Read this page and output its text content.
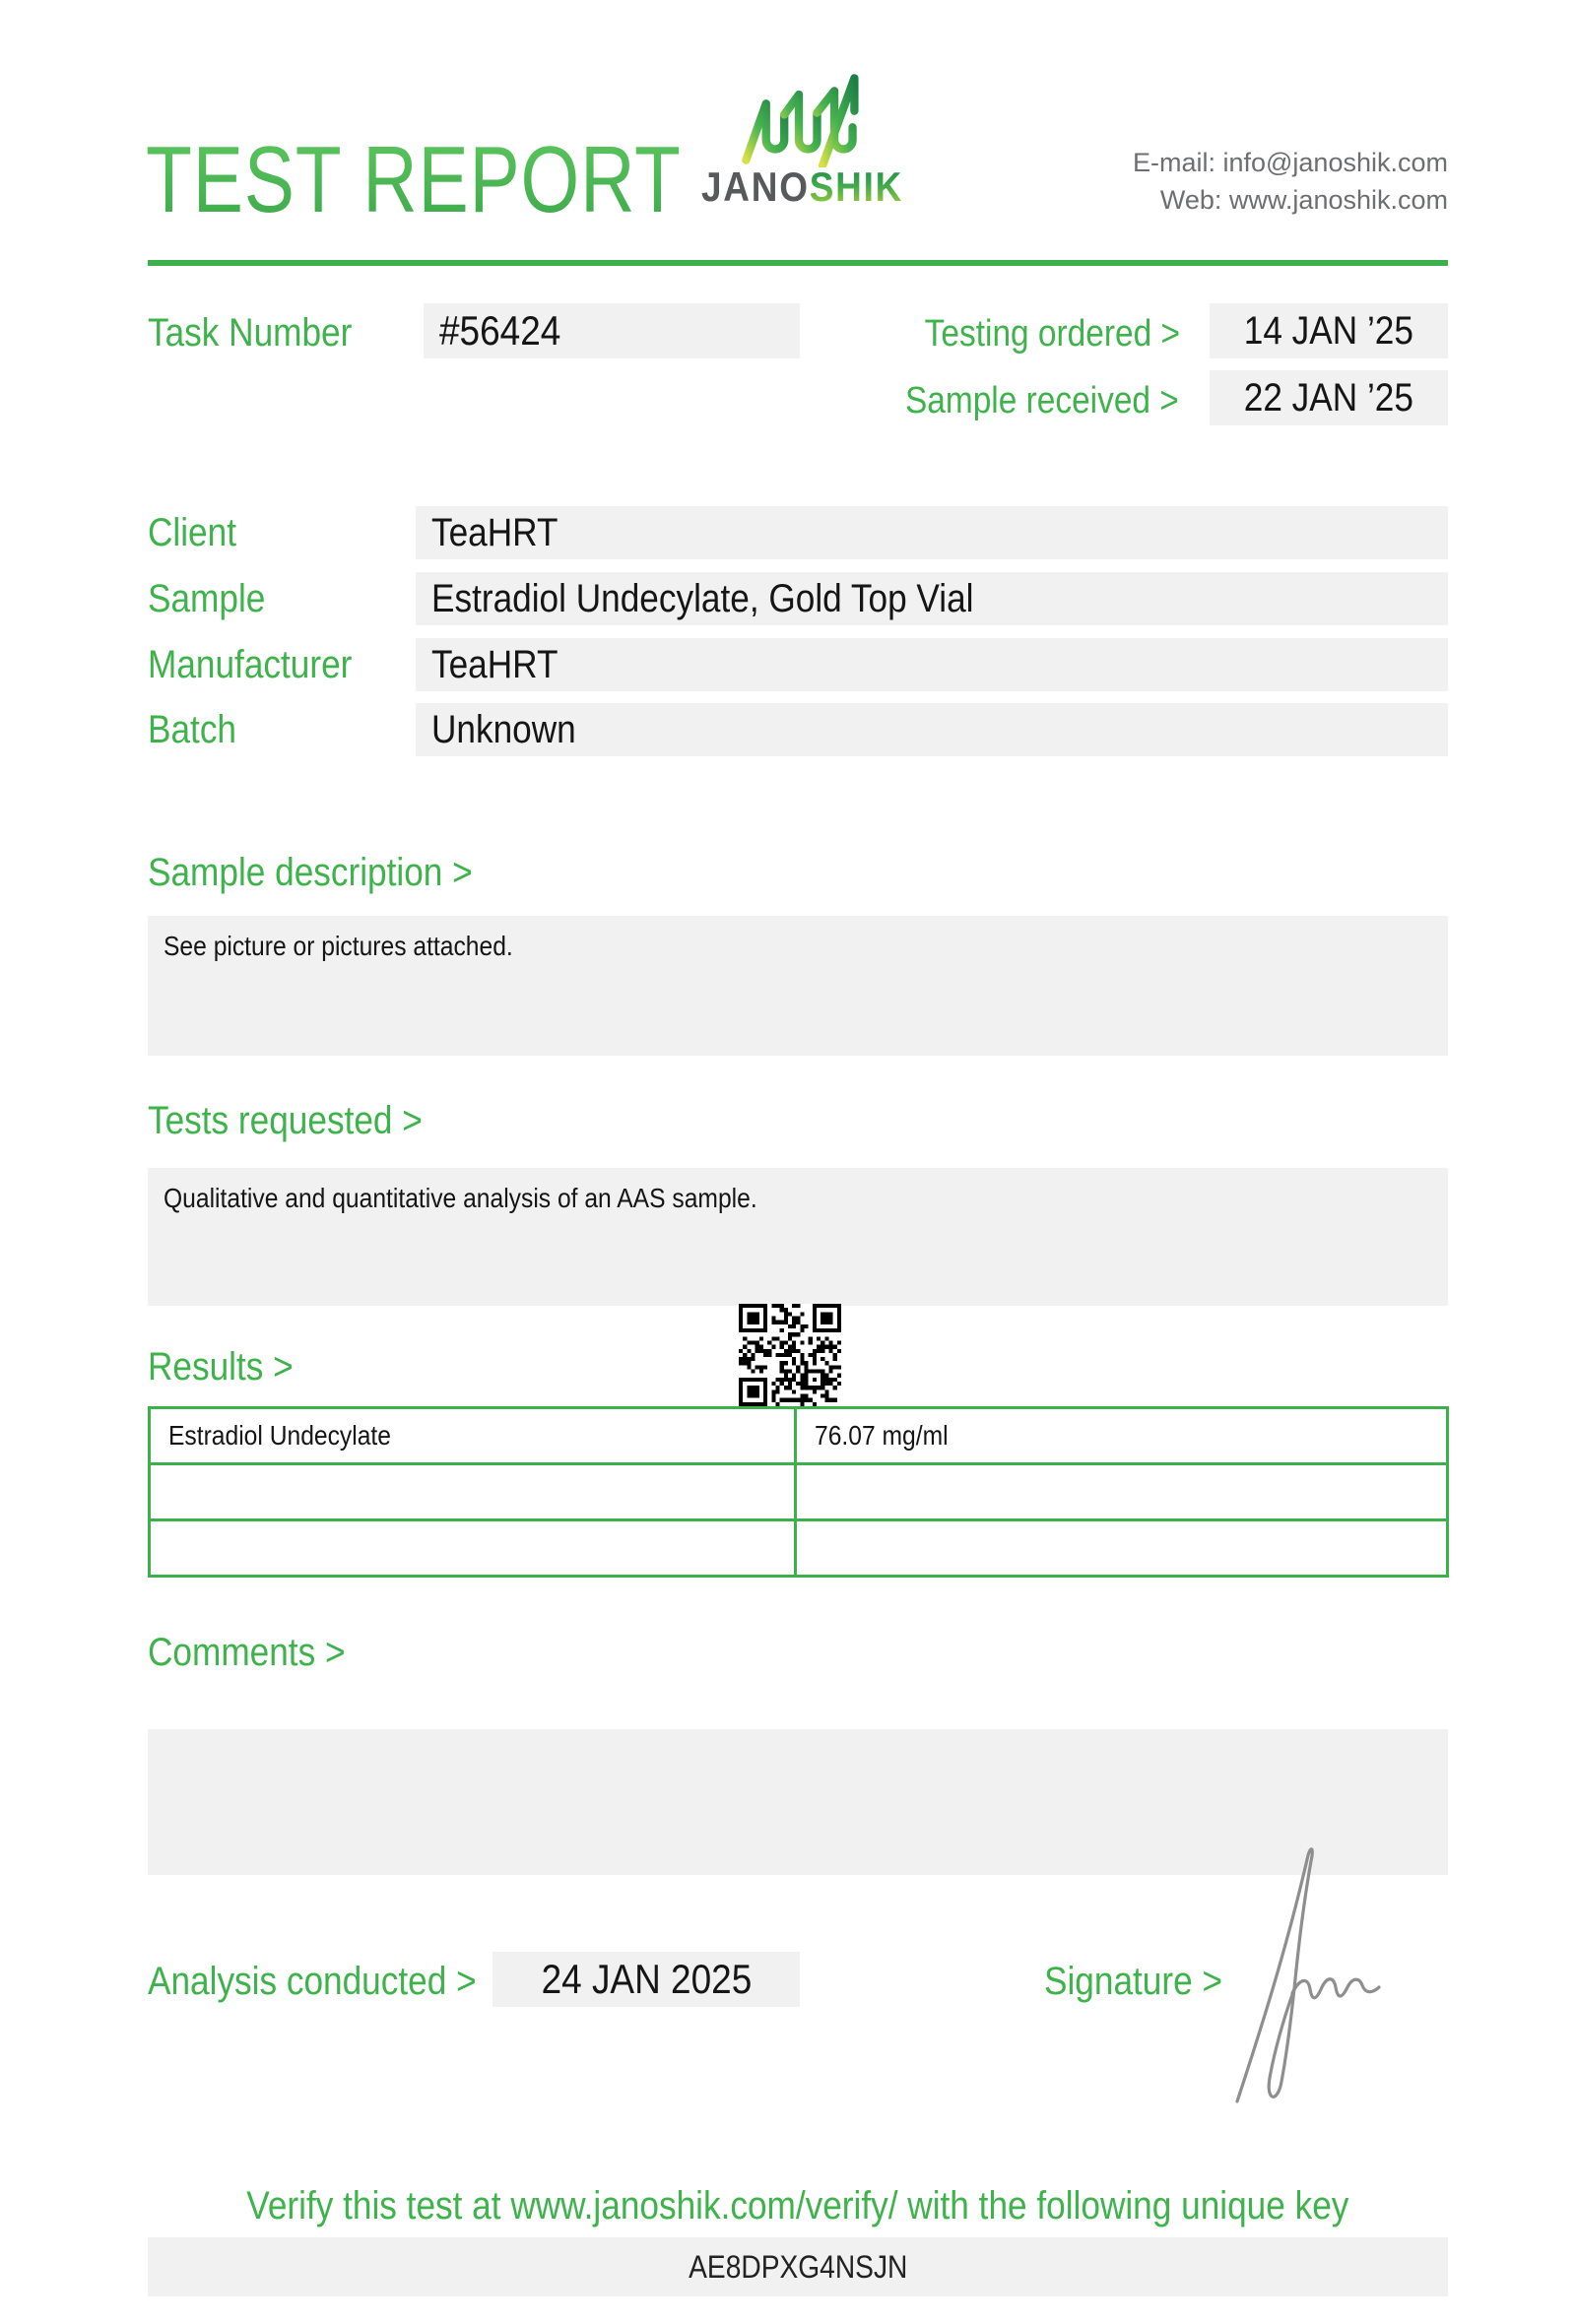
TEST REPORT JANOSHIK
E-mail: info@janoshik.com
Web: www.janoshik.com
Task Number	#56424	Testing ordered >	14 JAN ’25
Sample received >	22 JAN ’25
Client	TeaHRT
Sample	Estradiol Undecylate, Gold Top Vial
Manufacturer	TeaHRT
Batch	Unknown
Sample description >
See picture or pictures attached.
Tests requested >
Qualitative and quantitative analysis of an AAS sample.
Results >
Estradiol Undecylate	76.07 mg/ml

Comments >
Analysis conducted >	24 JAN 2025	Signature >
Verify this test at www.janoshik.com/verify/ with the following unique key
AE8DPXG4NSJN
